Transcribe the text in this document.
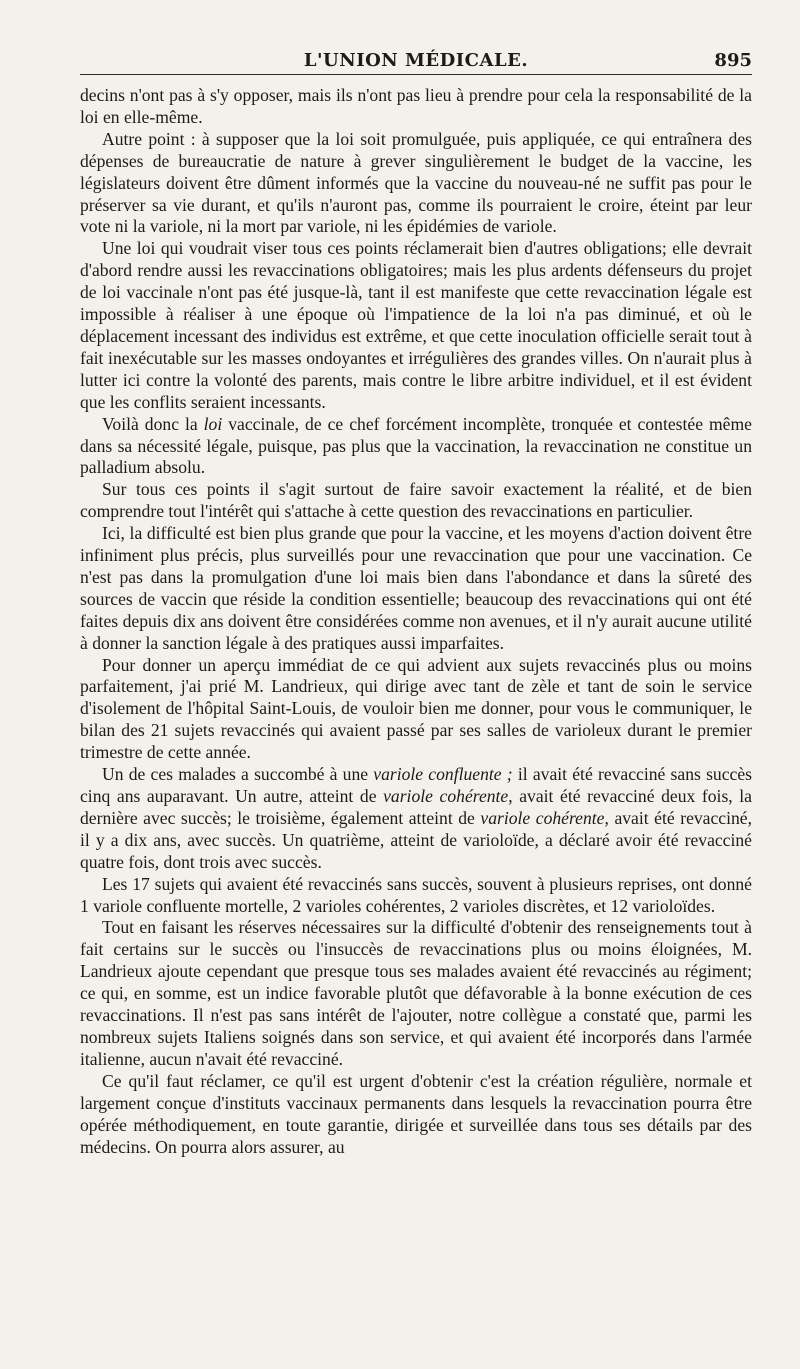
L'UNION MÉDICALE.	895

decins n'ont pas à s'y opposer, mais ils n'ont pas lieu à prendre pour cela la responsabilité de la loi en elle-même.

Autre point : à supposer que la loi soit promulguée, puis appliquée, ce qui entraînera des dépenses de bureaucratie de nature à grever singulièrement le budget de la vaccine, les législateurs doivent être dûment informés que la vaccine du nouveau-né ne suffit pas pour le préserver sa vie durant, et qu'ils n'auront pas, comme ils pourraient le croire, éteint par leur vote ni la variole, ni la mort par variole, ni les épidémies de variole.

Une loi qui voudrait viser tous ces points réclamerait bien d'autres obligations; elle devrait d'abord rendre aussi les revaccinations obligatoires; mais les plus ardents défenseurs du projet de loi vaccinale n'ont pas été jusque-là, tant il est manifeste que cette revaccination légale est impossible à réaliser à une époque où l'impatience de la loi n'a pas diminué, et où le déplacement incessant des individus est extrême, et que cette inoculation officielle serait tout à fait inexécutable sur les masses ondoyantes et irrégulières des grandes villes. On n'aurait plus à lutter ici contre la volonté des parents, mais contre le libre arbitre individuel, et il est évident que les conflits seraient incessants.

Voilà donc la loi vaccinale, de ce chef forcément incomplète, tronquée et contestée même dans sa nécessité légale, puisque, pas plus que la vaccination, la revaccination ne constitue un palladium absolu.

Sur tous ces points il s'agit surtout de faire savoir exactement la réalité, et de bien comprendre tout l'intérêt qui s'attache à cette question des revaccinations en particulier.

Ici, la difficulté est bien plus grande que pour la vaccine, et les moyens d'action doivent être infiniment plus précis, plus surveillés pour une revaccination que pour une vaccination. Ce n'est pas dans la promulgation d'une loi mais bien dans l'abondance et dans la sûreté des sources de vaccin que réside la condition essentielle; beaucoup des revaccinations qui ont été faites depuis dix ans doivent être considérées comme non avenues, et il n'y aurait aucune utilité à donner la sanction légale à des pratiques aussi imparfaites.

Pour donner un aperçu immédiat de ce qui advient aux sujets revaccinés plus ou moins parfaitement, j'ai prié M. Landrieux, qui dirige avec tant de zèle et tant de soin le service d'isolement de l'hôpital Saint-Louis, de vouloir bien me donner, pour vous le communiquer, le bilan des 21 sujets revaccinés qui avaient passé par ses salles de varioleux durant le premier trimestre de cette année.

Un de ces malades a succombé à une variole confluente ; il avait été revacciné sans succès cinq ans auparavant. Un autre, atteint de variole cohérente, avait été revacciné deux fois, la dernière avec succès; le troisième, également atteint de variole cohérente, avait été revacciné, il y a dix ans, avec succès. Un quatrième, atteint de varioloïde, a déclaré avoir été revacciné quatre fois, dont trois avec succès.

Les 17 sujets qui avaient été revaccinés sans succès, souvent à plusieurs reprises, ont donné 1 variole confluente mortelle, 2 varioles cohérentes, 2 varioles discrètes, et 12 varioloïdes.

Tout en faisant les réserves nécessaires sur la difficulté d'obtenir des renseignements tout à fait certains sur le succès ou l'insuccès de revaccinations plus ou moins éloignées, M. Landrieux ajoute cependant que presque tous ses malades avaient été revaccinés au régiment; ce qui, en somme, est un indice favorable plutôt que défavorable à la bonne exécution de ces revaccinations. Il n'est pas sans intérêt de l'ajouter, notre collègue a constaté que, parmi les nombreux sujets Italiens soignés dans son service, et qui avaient été incorporés dans l'armée italienne, aucun n'avait été revacciné.

Ce qu'il faut réclamer, ce qu'il est urgent d'obtenir c'est la création régulière, normale et largement conçue d'instituts vaccinaux permanents dans lesquels la revaccination pourra être opérée méthodiquement, en toute garantie, dirigée et surveillée dans tous ses détails par des médecins. On pourra alors assurer, au
